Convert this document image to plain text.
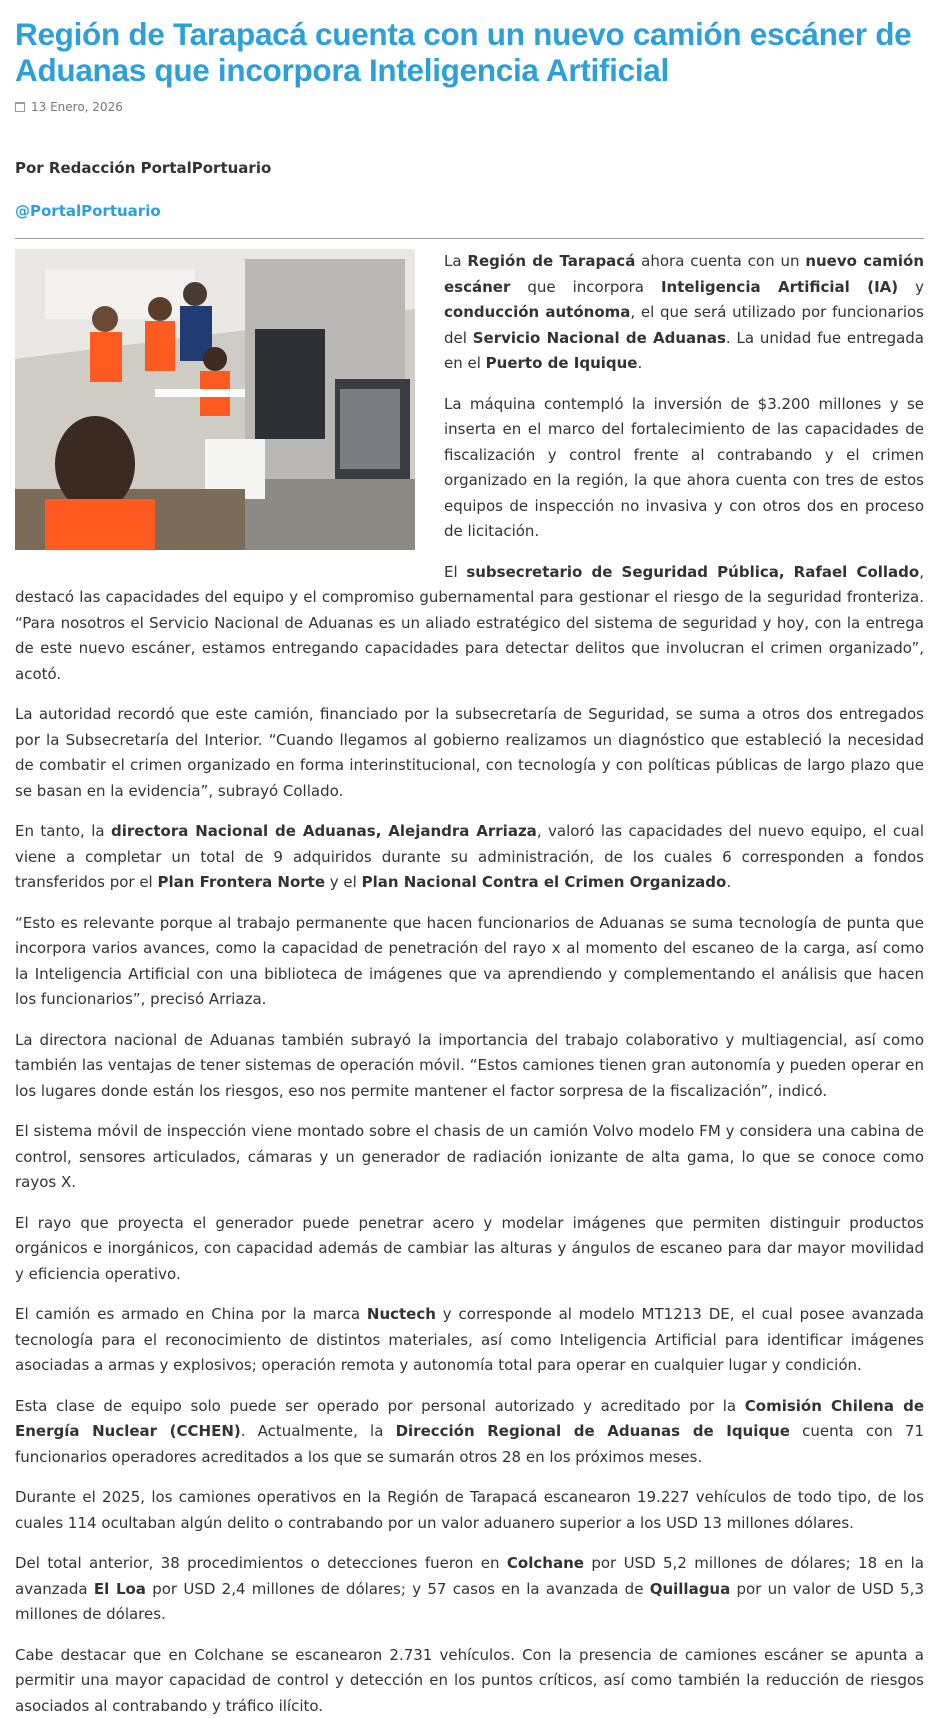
Región de Tarapacá cuenta con un nuevo camión escáner de Aduanas que incorpora Inteligencia Artificial
13 Enero, 2026
Por Redacción PortalPortuario
@PortalPortuario

La Región de Tarapacá ahora cuenta con un nuevo camión escáner que incorpora Inteligencia Artificial (IA) y conducción autónoma, el que será utilizado por funcionarios del Servicio Nacional de Aduanas. La unidad fue entregada en el Puerto de Iquique.

La máquina contempló la inversión de $3.200 millones y se inserta en el marco del fortalecimiento de las capacidades de fiscalización y control frente al contrabando y el crimen organizado en la región, la que ahora cuenta con tres de estos equipos de inspección no invasiva y con otros dos en proceso de licitación.

El subsecretario de Seguridad Pública, Rafael Collado, destacó las capacidades del equipo y el compromiso gubernamental para gestionar el riesgo de la seguridad fronteriza. “Para nosotros el Servicio Nacional de Aduanas es un aliado estratégico del sistema de seguridad y hoy, con la entrega de este nuevo escáner, estamos entregando capacidades para detectar delitos que involucran el crimen organizado”, acotó.

La autoridad recordó que este camión, financiado por la subsecretaría de Seguridad, se suma a otros dos entregados por la Subsecretaría del Interior. “Cuando llegamos al gobierno realizamos un diagnóstico que estableció la necesidad de combatir el crimen organizado en forma interinstitucional, con tecnología y con políticas públicas de largo plazo que se basan en la evidencia”, subrayó Collado.

En tanto, la directora Nacional de Aduanas, Alejandra Arriaza, valoró las capacidades del nuevo equipo, el cual viene a completar un total de 9 adquiridos durante su administración, de los cuales 6 corresponden a fondos transferidos por el Plan Frontera Norte y el Plan Nacional Contra el Crimen Organizado.

“Esto es relevante porque al trabajo permanente que hacen funcionarios de Aduanas se suma tecnología de punta que incorpora varios avances, como la capacidad de penetración del rayo x al momento del escaneo de la carga, así como la Inteligencia Artificial con una biblioteca de imágenes que va aprendiendo y complementando el análisis que hacen los funcionarios”, precisó Arriaza.

La directora nacional de Aduanas también subrayó la importancia del trabajo colaborativo y multiagencial, así como también las ventajas de tener sistemas de operación móvil. “Estos camiones tienen gran autonomía y pueden operar en los lugares donde están los riesgos, eso nos permite mantener el factor sorpresa de la fiscalización”, indicó.

El sistema móvil de inspección viene montado sobre el chasis de un camión Volvo modelo FM y considera una cabina de control, sensores articulados, cámaras y un generador de radiación ionizante de alta gama, lo que se conoce como rayos X.

El rayo que proyecta el generador puede penetrar acero y modelar imágenes que permiten distinguir productos orgánicos e inorgánicos, con capacidad además de cambiar las alturas y ángulos de escaneo para dar mayor movilidad y eficiencia operativo.

El camión es armado en China por la marca Nuctech y corresponde al modelo MT1213 DE, el cual posee avanzada tecnología para el reconocimiento de distintos materiales, así como Inteligencia Artificial para identificar imágenes asociadas a armas y explosivos; operación remota y autonomía total para operar en cualquier lugar y condición.

Esta clase de equipo solo puede ser operado por personal autorizado y acreditado por la Comisión Chilena de Energía Nuclear (CCHEN). Actualmente, la Dirección Regional de Aduanas de Iquique cuenta con 71 funcionarios operadores acreditados a los que se sumarán otros 28 en los próximos meses.

Durante el 2025, los camiones operativos en la Región de Tarapacá escanearon 19.227 vehículos de todo tipo, de los cuales 114 ocultaban algún delito o contrabando por un valor aduanero superior a los USD 13 millones dólares.

Del total anterior, 38 procedimientos o detecciones fueron en Colchane por USD 5,2 millones de dólares; 18 en la avanzada El Loa por USD 2,4 millones de dólares; y 57 casos en la avanzada de Quillagua por un valor de USD 5,3 millones de dólares.

Cabe destacar que en Colchane se escanearon 2.731 vehículos. Con la presencia de camiones escáner se apunta a permitir una mayor capacidad de control y detección en los puntos críticos, así como también la reducción de riesgos asociados al contrabando y tráfico ilícito.
